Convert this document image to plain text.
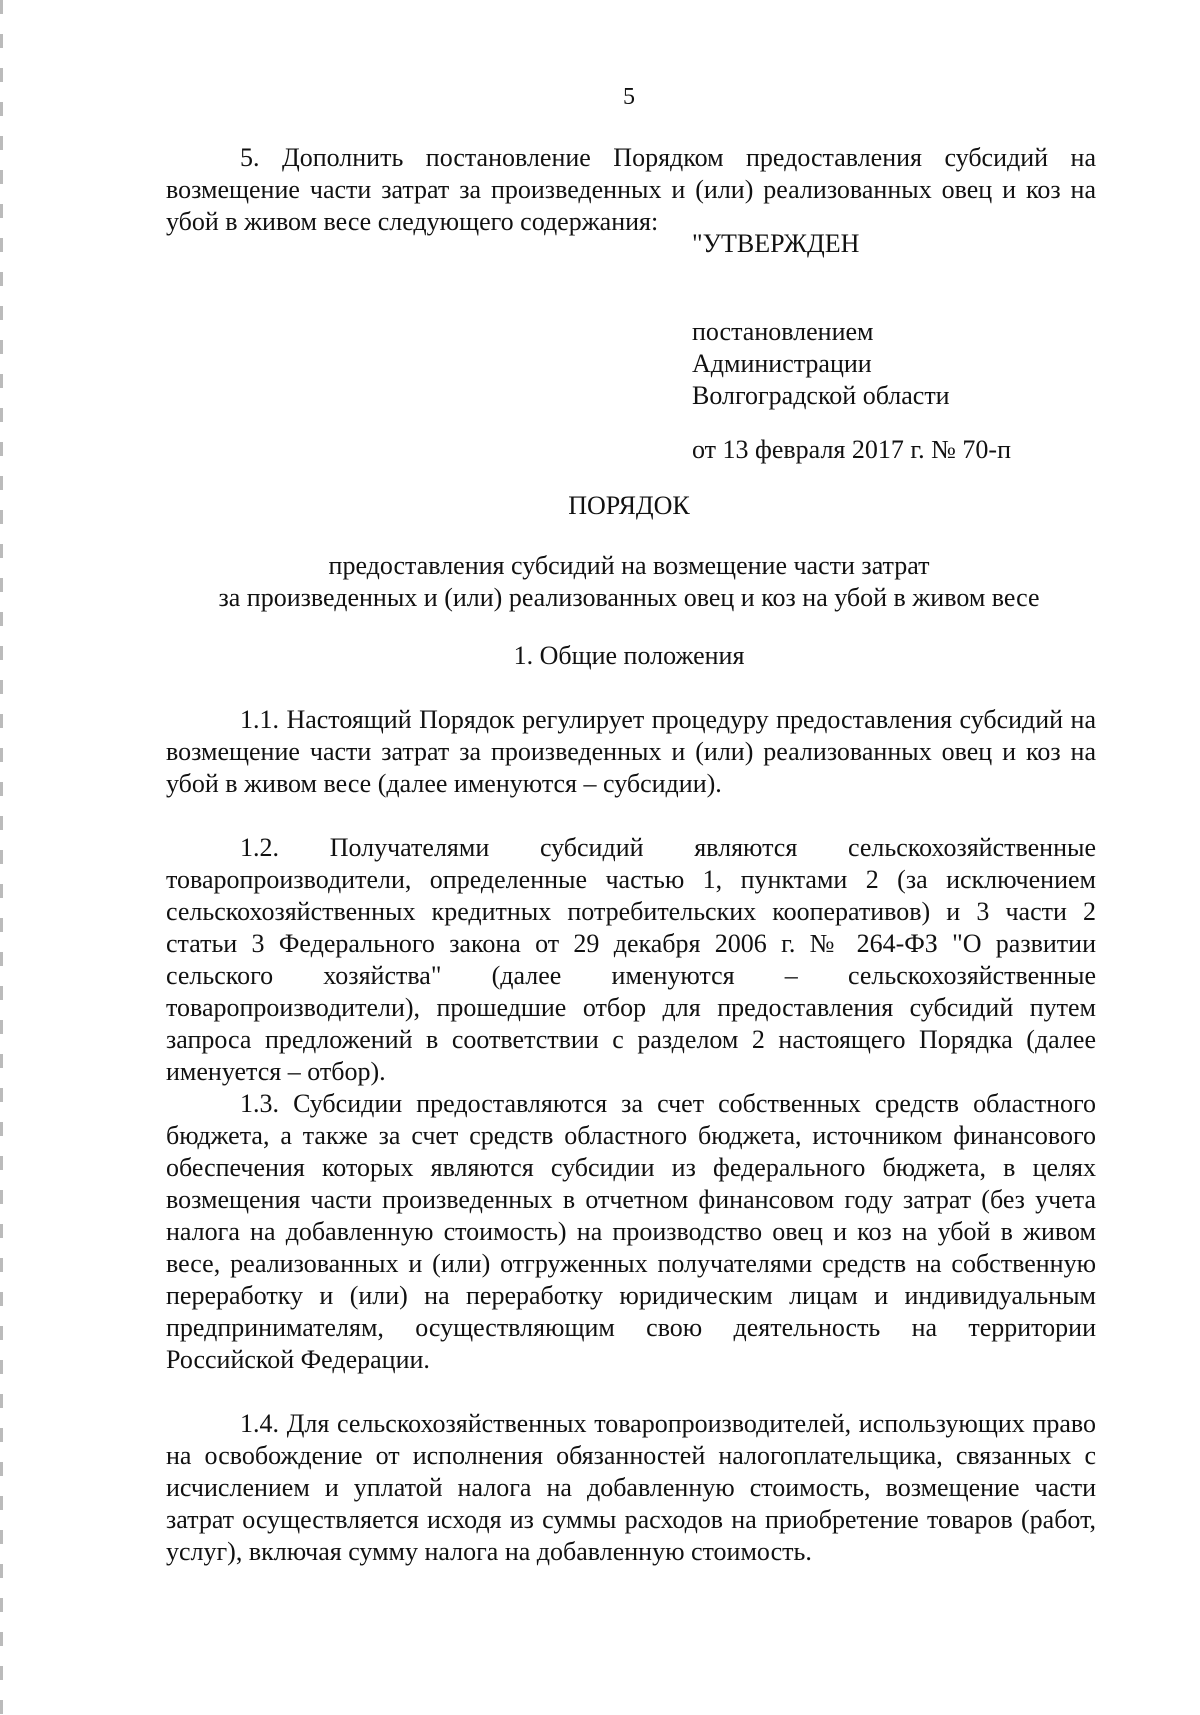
5

5. Дополнить постановление Порядком предоставления субсидий на возмещение части затрат за произведенных и (или) реализованных овец и коз на убой в живом весе следующего содержания:

"УТВЕРЖДЕН
постановлением
Администрации
Волгоградской области
от 13 февраля 2017 г. № 70-п

ПОРЯДОК

предоставления субсидий на возмещение части затрат

за произведенных и (или) реализованных овец и коз на убой в живом весе

1. Общие положения

1.1. Настоящий Порядок регулирует процедуру предоставления субсидий на возмещение части затрат за произведенных и (или) реализованных овец и коз на убой в живом весе (далее именуются – субсидии).

1.2. Получателями субсидий являются сельскохозяйственные товаропроизводители, определенные частью 1, пунктами 2 (за исключением сельскохозяйственных кредитных потребительских кооперативов) и 3 части 2 статьи 3 Федерального закона от 29 декабря 2006 г. № 264-ФЗ "О развитии сельского хозяйства" (далее именуются – сельскохозяйственные товаропроизводители), прошедшие отбор для предоставления субсидий путем запроса предложений в соответствии с разделом 2 настоящего Порядка (далее именуется – отбор).

1.3. Субсидии предоставляются за счет собственных средств областного бюджета, а также за счет средств областного бюджета, источником финансового обеспечения которых являются субсидии из федерального бюджета, в целях возмещения части произведенных в отчетном финансовом году затрат (без учета налога на добавленную стоимость) на производство овец и коз на убой в живом весе, реализованных и (или) отгруженных получателями средств на собственную переработку и (или) на переработку юридическим лицам и индивидуальным предпринимателям, осуществляющим свою деятельность на территории Российской Федерации.

1.4. Для сельскохозяйственных товаропроизводителей, использующих право на освобождение от исполнения обязанностей налогоплательщика, связанных с исчислением и уплатой налога на добавленную стоимость, возмещение части затрат осуществляется исходя из суммы расходов на приобретение товаров (работ, услуг), включая сумму налога на добавленную стоимость.
